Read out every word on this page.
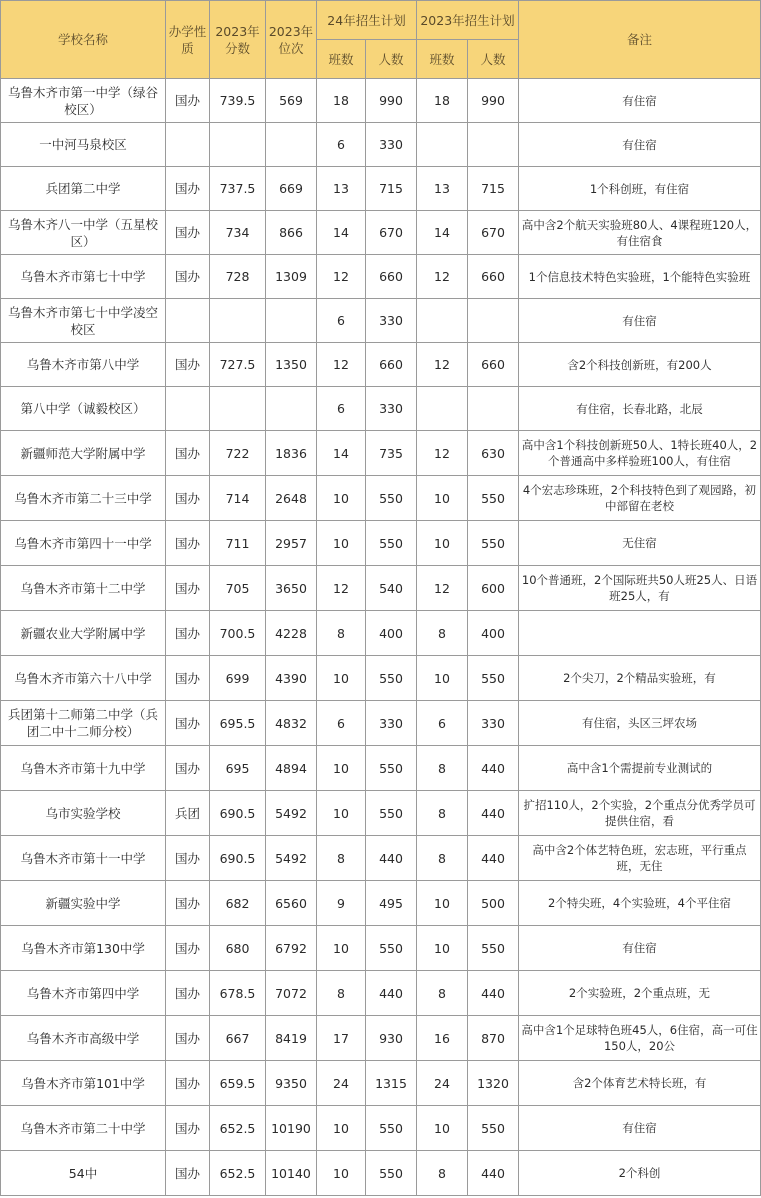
学校名称	办学性质	2023年分数	2023年位次	24年招生计划		2023年招生计划		备注
				班数	人数	班数	人数	
乌鲁木齐市第一中学（绿谷校区）	国办	739.5	569	18	990	18	990	有住宿
一中河马泉校区				6	330			有住宿
兵团第二中学	国办	737.5	669	13	715	13	715	1个科创班，有住宿
乌鲁木齐八一中学（五星校区）	国办	734	866	14	670	14	670	高中含2个航天实验班80人、4课程班120人，有住宿食
乌鲁木齐市第七十中学	国办	728	1309	12	660	12	660	1个信息技术特色实验班，1个能特色实验班
乌鲁木齐市第七十中学凌空校区				6	330			有住宿
乌鲁木齐市第八中学	国办	727.5	1350	12	660	12	660	含2个科技创新班，有200人
第八中学（诚毅校区）				6	330			有住宿，长春北路，北辰
新疆师范大学附属中学	国办	722	1836	14	735	12	630	高中含1个科技创新班50人、1特长班40人，2个普通高中多样验班100人，有住宿
乌鲁木齐市第二十三中学	国办	714	2648	10	550	10	550	4个宏志珍珠班，2个科技特色到了观园路，初中部留在老校
乌鲁木齐市第四十一中学	国办	711	2957	10	550	10	550	无住宿
乌鲁木齐市第十二中学	国办	705	3650	12	540	12	600	10个普通班，2个国际班共50人班25人、日语班25人，有
新疆农业大学附属中学	国办	700.5	4228	8	400	8	400	
乌鲁木齐市第六十八中学	国办	699	4390	10	550	10	550	2个尖刀，2个精品实验班，有
兵团第十二师第二中学（兵团二中十二师分校）	国办	695.5	4832	6	330	6	330	有住宿，头区三坪农场
乌鲁木齐市第十九中学	国办	695	4894	10	550	8	440	高中含1个需提前专业测试的
乌市实验学校	兵团	690.5	5492	10	550	8	440	扩招110人，2个实验，2个重点分优秀学员可提供住宿，看
乌鲁木齐市第十一中学	国办	690.5	5492	8	440	8	440	高中含2个体艺特色班，宏志班，平行重点班，无住
新疆实验中学	国办	682	6560	9	495	10	500	2个特尖班，4个实验班，4个平住宿
乌鲁木齐市第130中学	国办	680	6792	10	550	10	550	有住宿
乌鲁木齐市第四中学	国办	678.5	7072	8	440	8	440	2个实验班，2个重点班，无
乌鲁木齐市高级中学	国办	667	8419	17	930	16	870	高中含1个足球特色班45人，6住宿，高一可住150人，20公
乌鲁木齐市第101中学	国办	659.5	9350	24	1315	24	1320	含2个体育艺术特长班，有
乌鲁木齐市第二十中学	国办	652.5	10190	10	550	10	550	有住宿
54中	国办	652.5	10140	10	550	8	440	2个科创
